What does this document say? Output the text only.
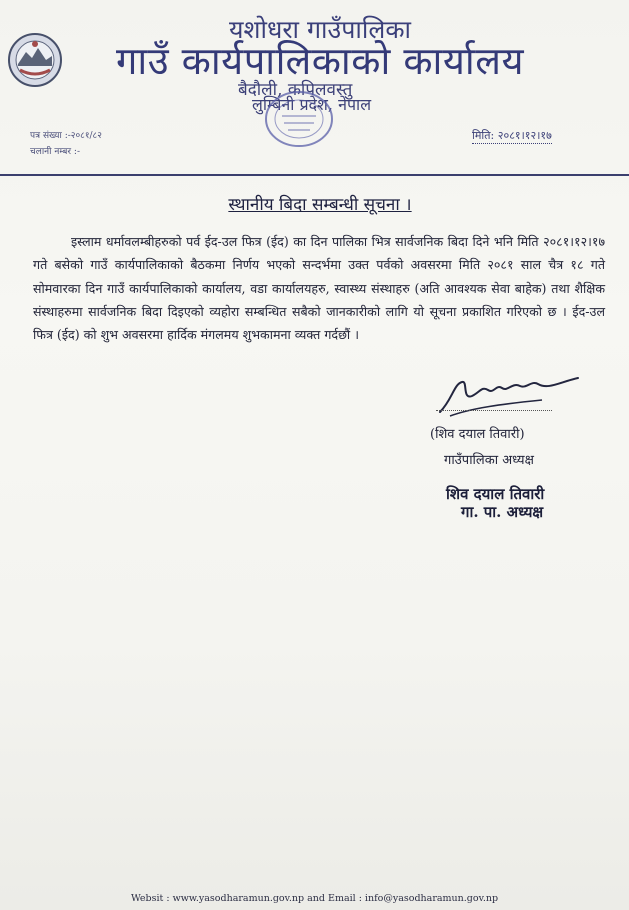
यशोधरा गाउँपालिका
गाउँ कार्यपालिकाको कार्यालय
बैदौली, कपिलवस्तु
लुम्बिनी प्रदेश, नेपाल
पत्र संख्या :-२०८१/८२
चलानी नम्बर :-
मिति: २०८१।१२।१७
स्थानीय बिदा सम्बन्धी सूचना ।
इस्लाम धर्मावलम्बीहरुको पर्व ईद-उल फित्र (ईद) का दिन पालिका भित्र सार्वजनिक बिदा दिने भनि मिति २०८१।१२।१७ गते बसेको गाउँ कार्यपालिकाको बैठकमा निर्णय भएको सन्दर्भमा उक्त पर्वको अवसरमा मिति २०८१ साल चैत्र १८ गते सोमवारका दिन गाउँ कार्यपालिकाको कार्यालय, वडा कार्यालयहरु, स्वास्थ्य संस्थाहरु (अति आवश्यक सेवा बाहेक) तथा शैक्षिक संस्थाहरुमा सार्वजनिक बिदा दिइएको व्यहोरा सम्बन्धित सबैको जानकारीको लागि यो सूचना प्रकाशित गरिएको छ । ईद-उल फित्र (ईद) को शुभ अवसरमा हार्दिक मंगलमय शुभकामना व्यक्त गर्दछौं ।
(शिव दयाल तिवारी)
गाउँपालिका अध्यक्ष
शिव दयाल तिवारी
गा. पा. अध्यक्ष
Websit : www.yasodharamun.gov.np and Email : info@yasodharamun.gov.np
